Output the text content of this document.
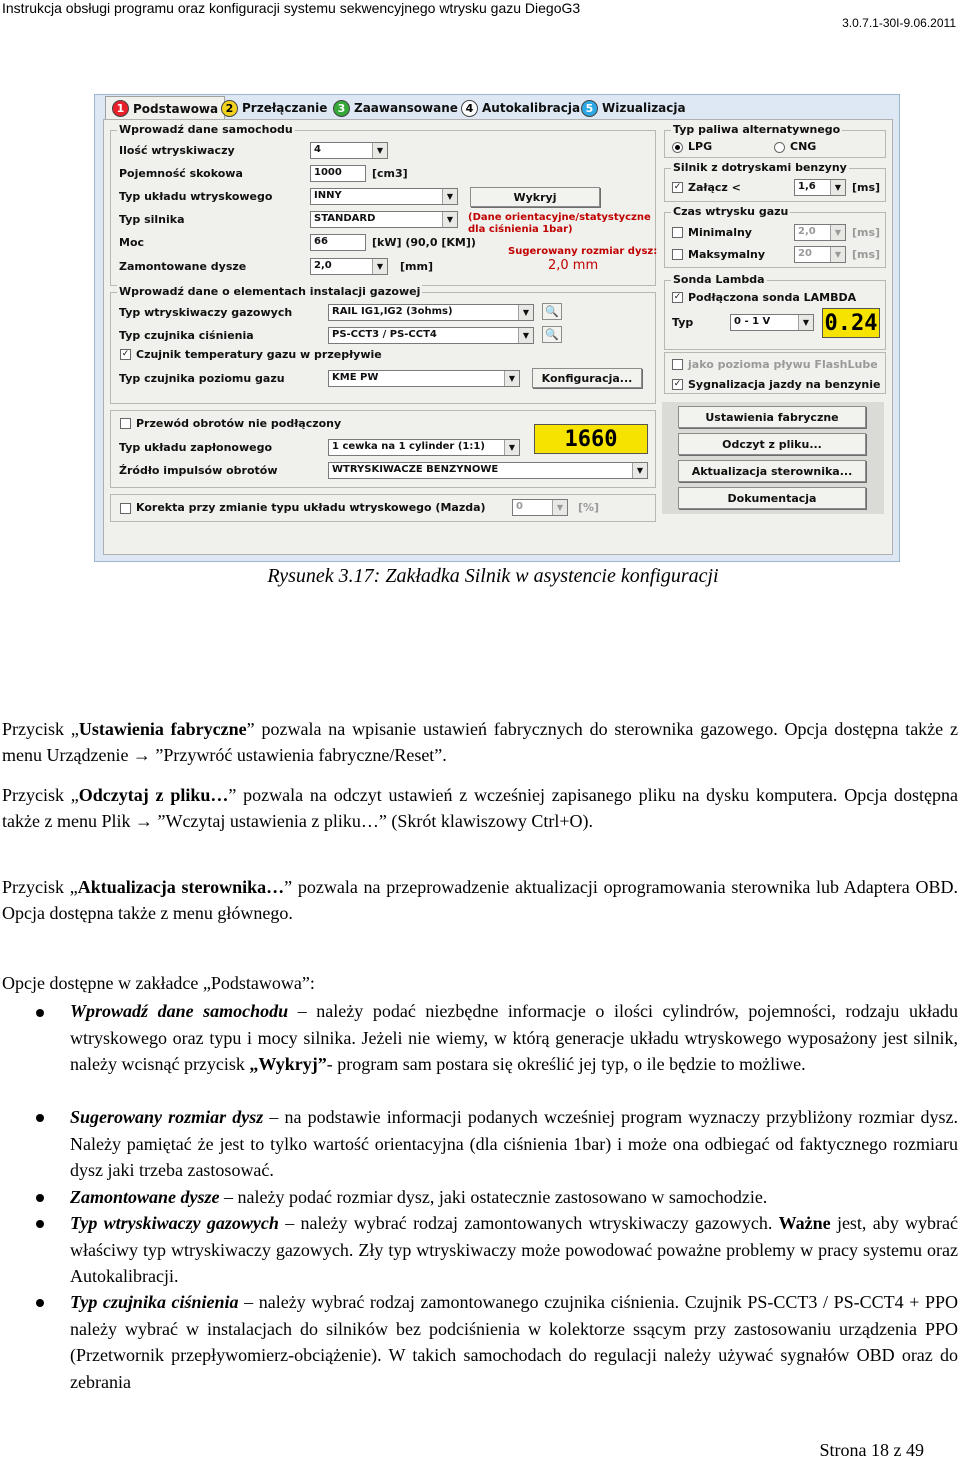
Instrukcja obsługi programu oraz konfiguracji systemu sekwencyjnego wtrysku gazu DiegoG3
3.0.7.1-30I-9.06.2011
1 Podstawowa 2 Przełączanie 3 Zaawansowane 4 Autokalibracja 5 Wizualizacja
Wprowadź dane samochodu
Ilość wtryskiwaczy	4	▼
Pojemność skokowa	1000	[cm3]
Typ układu wtryskowego	INNY	▼
Typ silnika	STANDARD	▼
Moc	66	[kW] (90,0 [KM])
Wykryj
(Dane orientacyjne/statystyczne
dla ciśnienia 1bar)
Sugerowany rozmiar dysz:
2,0 mm
Zamontowane dysze	2,0	▼	[mm]
Wprowadź dane o elementach instalacji gazowej
Typ wtryskiwaczy gazowych	RAIL IG1,IG2 (3ohms)	▼	🔍
Typ czujnika ciśnienia	PS-CCT3 / PS-CCT4	▼	🔍
✓ Czujnik temperatury gazu w przepływie
Typ czujnika poziomu gazu	KME PW	▼	Konfiguracja...
Przewód obrotów nie podłączony
Typ układu zapłonowego	1 cewka na 1 cylinder (1:1)	▼
Źródło impulsów obrotów	WTRYSKIWACZE BENZYNOWE	▼
1660
Korekta przy zmianie typu układu wtryskowego (Mazda)	0	▼	[%]
Typ paliwa alternatywnego
LPG	CNG
Silnik z dotryskami benzyny
✓ Załącz <	1,6	▼ [ms]
Czas wtrysku gazu
Minimalny	2,0	▼ [ms]
Maksymalny	20	▼ [ms]
Sonda Lambda
✓ Podłączona sonda LAMBDA
Typ	0 - 1 V	▼ 0.24
jako pozioma pływu FlashLube
✓ Sygnalizacja jazdy na benzynie
Ustawienia fabryczne
Odczyt z pliku...
Aktualizacja sterownika...
Dokumentacja
Rysunek 3.17: Zakładka Silnik w asystencie konfiguracji
Przycisk „Ustawienia fabryczne” pozwala na wpisanie ustawień fabrycznych do sterownika gazowego. Opcja dostępna także z menu Urządzenie → ”Przywróć ustawienia fabryczne/Reset”.
Przycisk „Odczytaj z pliku…” pozwala na odczyt ustawień z wcześniej zapisanego pliku na dysku komputera. Opcja dostępna także z menu Plik → ”Wczytaj ustawienia z pliku…” (Skrót klawiszowy Ctrl+O).
Przycisk „Aktualizacja sterownika…” pozwala na przeprowadzenie aktualizacji oprogramowania sterownika lub Adaptera OBD. Opcja dostępna także z menu głównego.
Opcje dostępne w zakładce „Podstawowa”:
Wprowadź dane samochodu – należy podać niezbędne informacje o ilości cylindrów, pojemności, rodzaju układu wtryskowego oraz typu i mocy silnika. Jeżeli nie wiemy, w którą generacje układu wtryskowego wyposażony jest silnik, należy wcisnąć przycisk „Wykryj”- program sam postara się określić jej typ, o ile będzie to możliwe.
Sugerowany rozmiar dysz – na podstawie informacji podanych wcześniej program wyznaczy przybliżony rozmiar dysz. Należy pamiętać że jest to tylko wartość orientacyjna (dla ciśnienia 1bar) i może ona odbiegać od faktycznego rozmiaru dysz jaki trzeba zastosować.
Zamontowane dysze – należy podać rozmiar dysz, jaki ostatecznie zastosowano w samochodzie.
Typ wtryskiwaczy gazowych – należy wybrać rodzaj zamontowanych wtryskiwaczy gazowych. Ważne jest, aby wybrać właściwy typ wtryskiwaczy gazowych. Zły typ wtryskiwaczy może powodować poważne problemy w pracy systemu oraz Autokalibracji.
Typ czujnika ciśnienia – należy wybrać rodzaj zamontowanego czujnika ciśnienia. Czujnik PS-CCT3 / PS-CCT4 + PPO należy wybrać w instalacjach do silników bez podciśnienia w kolektorze ssącym przy zastosowaniu urządzenia PPO (Przetwornik przepływomierz-obciążenie). W takich samochodach do regulacji należy używać sygnałów OBD oraz do zebrania
Strona 18 z 49
